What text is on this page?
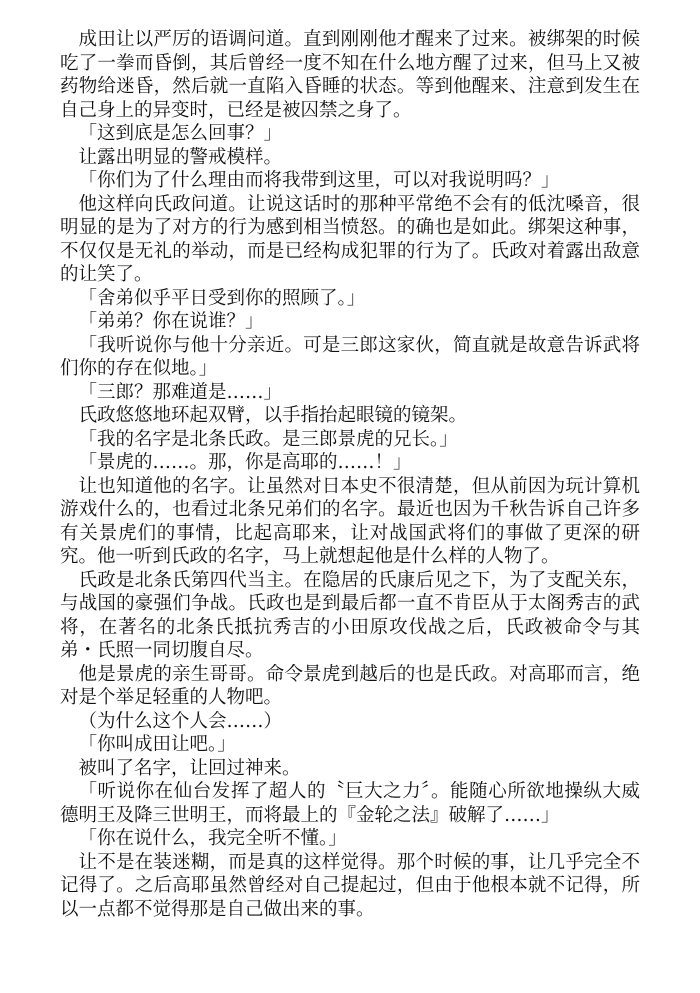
成田让以严厉的语调问道。直到刚刚他才醒来了过来。被绑架的时候吃了一拳而昏倒，其后曾经一度不知在什么地方醒了过来，但马上又被药物给迷昏，然后就一直陷入昏睡的状态。等到他醒来、注意到发生在自己身上的异变时，已经是被囚禁之身了。

「这到底是怎么回事？」

让露出明显的警戒模样。

「你们为了什么理由而将我带到这里，可以对我说明吗？」

他这样向氏政问道。让说这话时的那种平常绝不会有的低沈嗓音，很明显的是为了对方的行为感到相当愤怒。的确也是如此。绑架这种事，不仅仅是无礼的举动，而是已经构成犯罪的行为了。氏政对着露出敌意的让笑了。

「舍弟似乎平日受到你的照顾了。」

「弟弟？你在说谁？」

「我听说你与他十分亲近。可是三郎这家伙，简直就是故意告诉武将们你的存在似地。」

「三郎？那难道是……」

氏政悠悠地环起双臂，以手指抬起眼镜的镜架。

「我的名字是北条氏政。是三郎景虎的兄长。」

「景虎的……。那，你是高耶的……！」

让也知道他的名字。让虽然对日本史不很清楚，但从前因为玩计算机游戏什么的，也看过北条兄弟们的名字。最近也因为千秋告诉自己许多有关景虎们的事情，比起高耶来，让对战国武将们的事做了更深的研究。他一听到氏政的名字，马上就想起他是什么样的人物了。

氏政是北条氏第四代当主。在隐居的氏康后见之下，为了支配关东，与战国的豪强们争战。氏政也是到最后都一直不肯臣从于太阁秀吉的武将，在著名的北条氏抵抗秀吉的小田原攻伐战之后，氏政被命令与其弟・氏照一同切腹自尽。

他是景虎的亲生哥哥。命令景虎到越后的也是氏政。对高耶而言，绝对是个举足轻重的人物吧。

（为什么这个人会……）

「你叫成田让吧。」

被叫了名字，让回过神来。

「听说你在仙台发挥了超人的〝巨大之力〞。能随心所欲地操纵大威德明王及降三世明王，而将最上的『金轮之法』破解了……」

「你在说什么，我完全听不懂。」

让不是在装迷糊，而是真的这样觉得。那个时候的事，让几乎完全不记得了。之后高耶虽然曾经对自己提起过，但由于他根本就不记得，所以一点都不觉得那是自己做出来的事。
